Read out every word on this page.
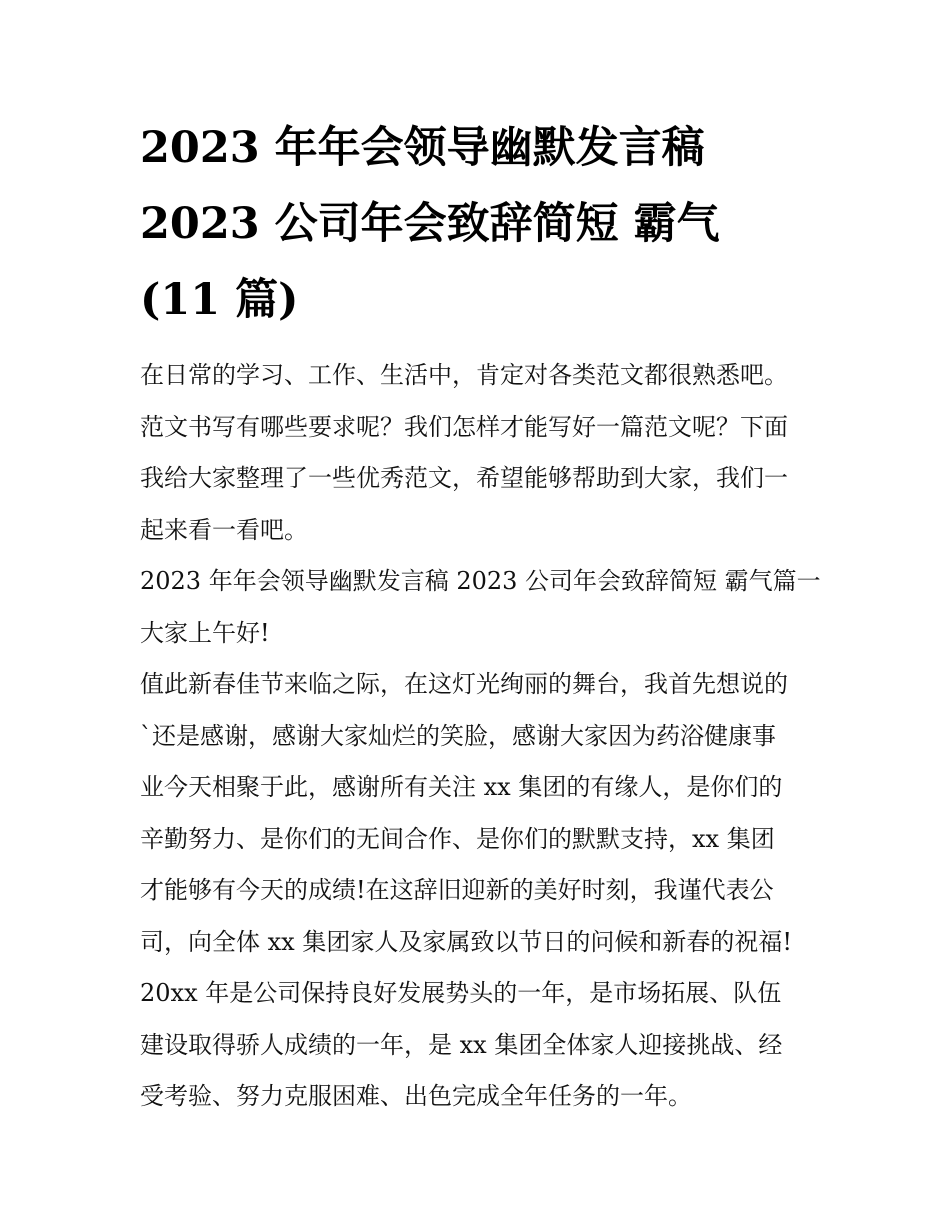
2023 年年会领导幽默发言稿
2023 公司年会致辞简短 霸气
(11 篇)

在日常的学习、工作、生活中，肯定对各类范文都很熟悉吧。
范文书写有哪些要求呢？我们怎样才能写好一篇范文呢？下面
我给大家整理了一些优秀范文，希望能够帮助到大家，我们一
起来看一看吧。

2023 年年会领导幽默发言稿 2023 公司年会致辞简短 霸气篇一

大家上午好!

值此新春佳节来临之际，在这灯光绚丽的舞台，我首先想说的
`还是感谢，感谢大家灿烂的笑脸，感谢大家因为药浴健康事
业今天相聚于此，感谢所有关注 xx 集团的有缘人，是你们的
辛勤努力、是你们的无间合作、是你们的默默支持，xx 集团
才能够有今天的成绩!在这辞旧迎新的美好时刻，我谨代表公
司，向全体 xx 集团家人及家属致以节日的问候和新春的祝福!

20xx 年是公司保持良好发展势头的一年，是市场拓展、队伍
建设取得骄人成绩的一年，是 xx 集团全体家人迎接挑战、经
受考验、努力克服困难、出色完成全年任务的一年。
